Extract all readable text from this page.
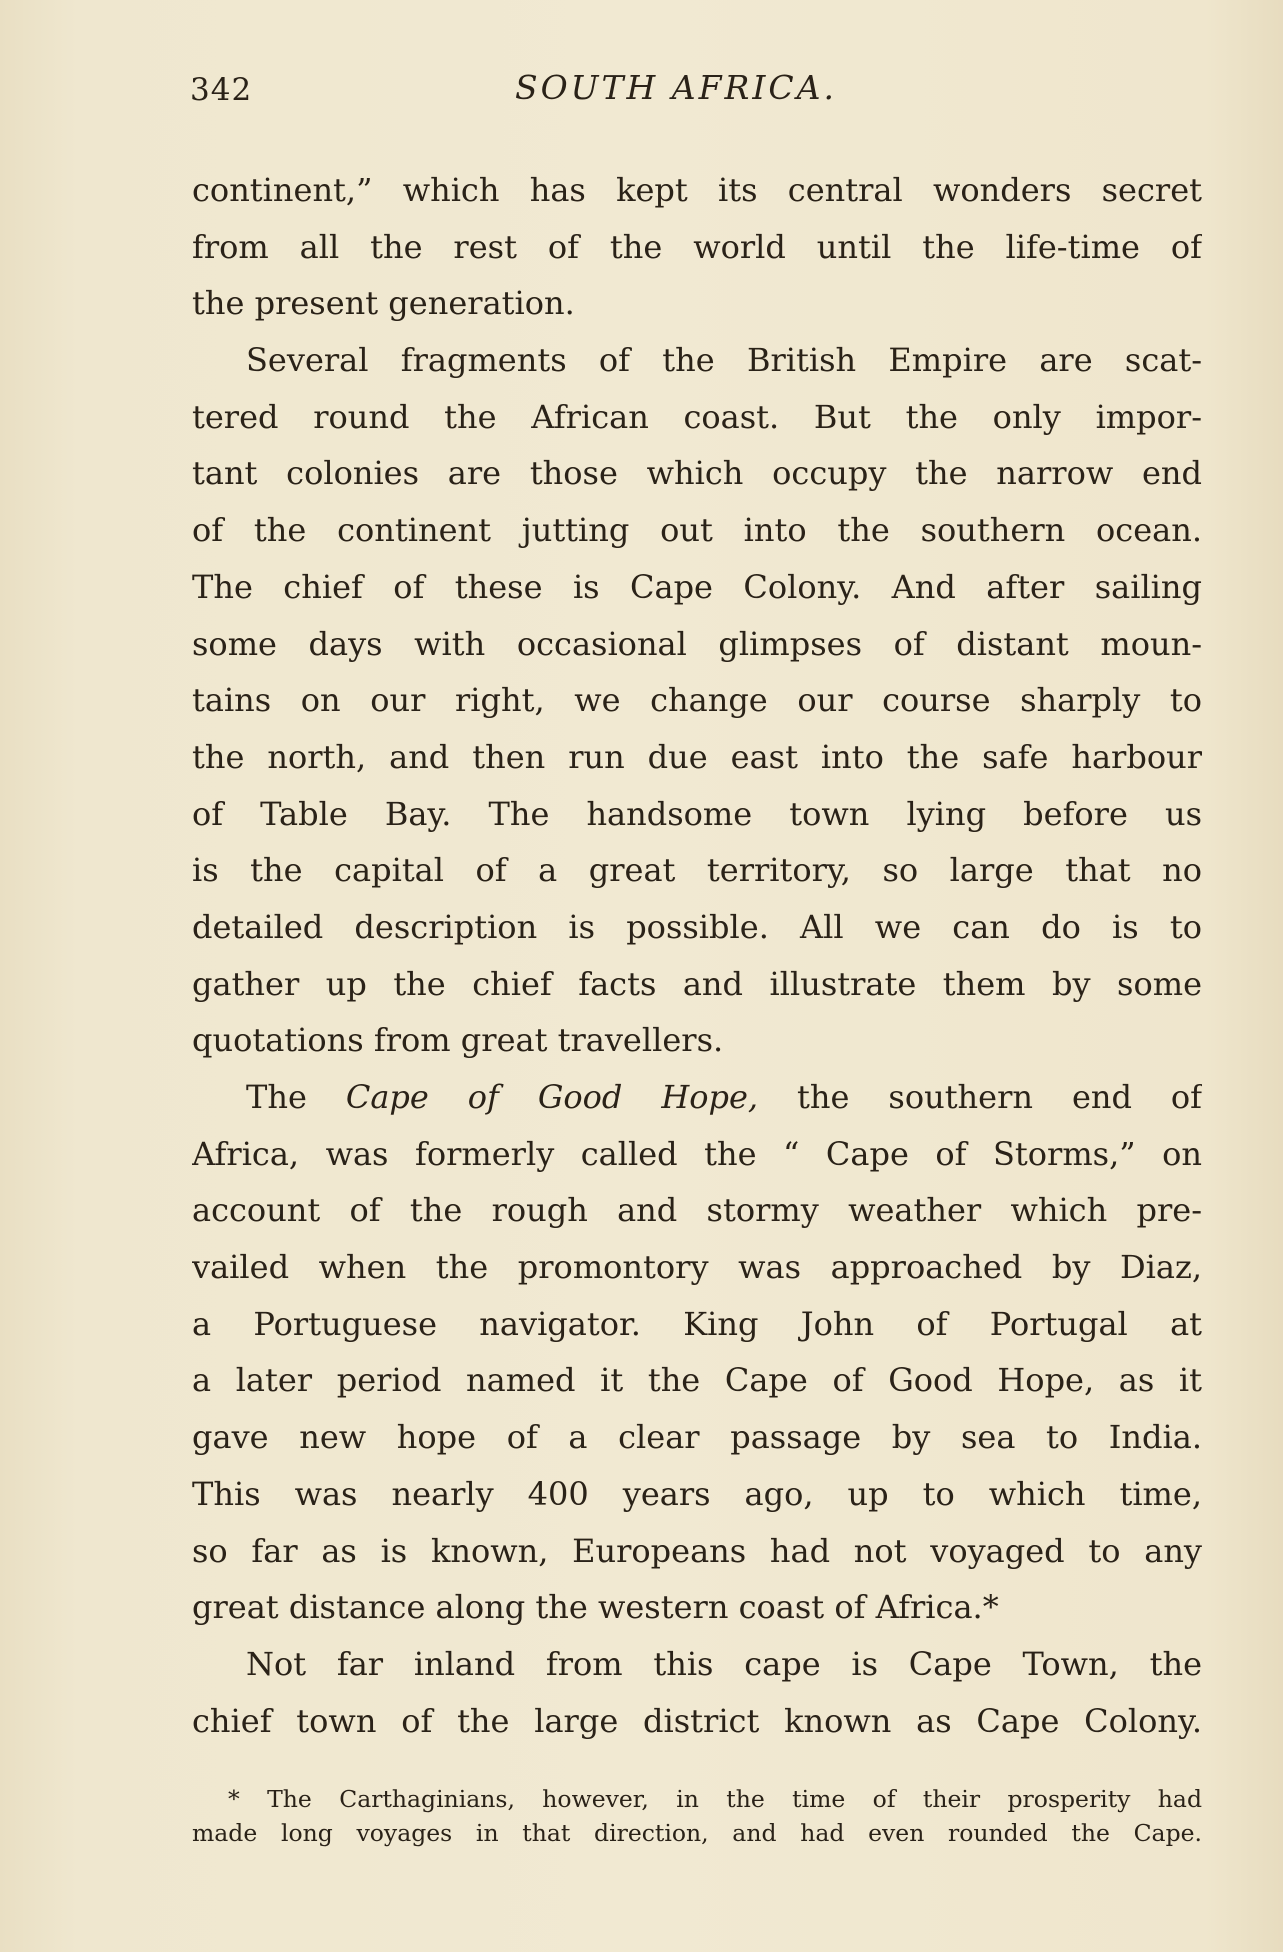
342	SOUTH AFRICA.
continent,” which has kept its central wonders secret
from all the rest of the world until the life-time of
the present generation.
Several fragments of the British Empire are scat-
tered round the African coast. But the only impor-
tant colonies are those which occupy the narrow end
of the continent jutting out into the southern ocean.
The chief of these is Cape Colony. And after sailing
some days with occasional glimpses of distant moun-
tains on our right, we change our course sharply to
the north, and then run due east into the safe harbour
of Table Bay. The handsome town lying before us
is the capital of a great territory, so large that no
detailed description is possible. All we can do is to
gather up the chief facts and illustrate them by some
quotations from great travellers.
The Cape of Good Hope, the southern end of
Africa, was formerly called the “ Cape of Storms,” on
account of the rough and stormy weather which pre-
vailed when the promontory was approached by Diaz,
a Portuguese navigator. King John of Portugal at
a later period named it the Cape of Good Hope, as it
gave new hope of a clear passage by sea to India.
This was nearly 400 years ago, up to which time,
so far as is known, Europeans had not voyaged to any
great distance along the western coast of Africa.*
Not far inland from this cape is Cape Town, the
chief town of the large district known as Cape Colony.
* The Carthaginians, however, in the time of their prosperity had
made long voyages in that direction, and had even rounded the Cape.
